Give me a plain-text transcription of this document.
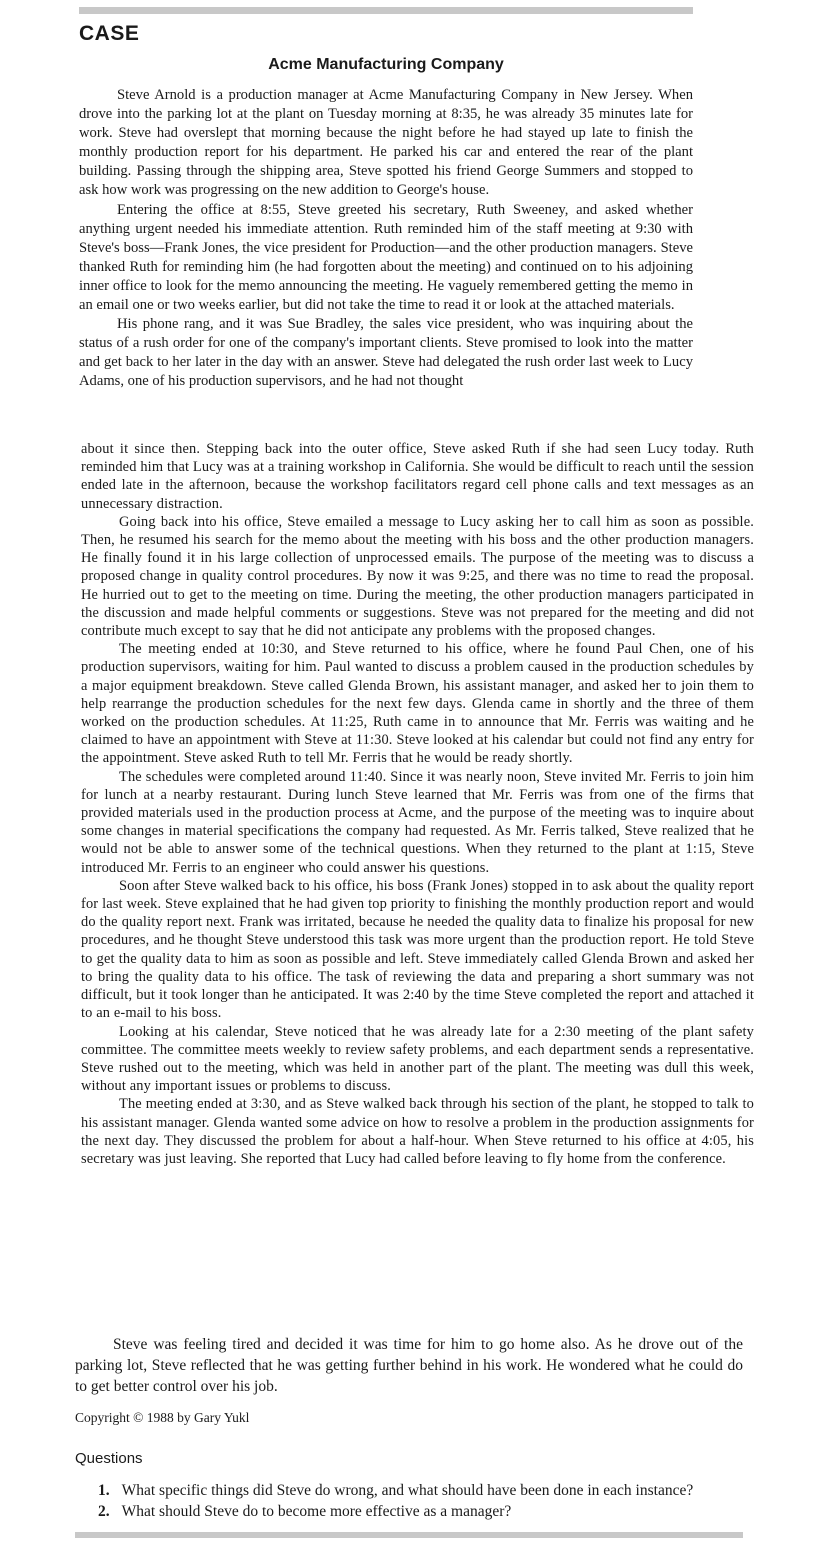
CASE
Acme Manufacturing Company

Steve Arnold is a production manager at Acme Manufacturing Company in New Jersey. When drove into the parking lot at the plant on Tuesday morning at 8:35, he was already 35 minutes late for work. Steve had overslept that morning because the night before he had stayed up late to finish the monthly production report for his department. He parked his car and entered the rear of the plant building. Passing through the shipping area, Steve spotted his friend George Summers and stopped to ask how work was progressing on the new addition to George's house.

Entering the office at 8:55, Steve greeted his secretary, Ruth Sweeney, and asked whether anything urgent needed his immediate attention. Ruth reminded him of the staff meeting at 9:30 with Steve's boss—Frank Jones, the vice president for Production—and the other production managers. Steve thanked Ruth for reminding him (he had forgotten about the meeting) and continued on to his adjoining inner office to look for the memo announcing the meeting. He vaguely remembered getting the memo in an email one or two weeks earlier, but did not take the time to read it or look at the attached materials.

His phone rang, and it was Sue Bradley, the sales vice president, who was inquiring about the status of a rush order for one of the company's important clients. Steve promised to look into the matter and get back to her later in the day with an answer. Steve had delegated the rush order last week to Lucy Adams, one of his production supervisors, and he had not thought

about it since then. Stepping back into the outer office, Steve asked Ruth if she had seen Lucy today. Ruth reminded him that Lucy was at a training workshop in California. She would be difficult to reach until the session ended late in the afternoon, because the workshop facilitators regard cell phone calls and text messages as an unnecessary distraction.

Going back into his office, Steve emailed a message to Lucy asking her to call him as soon as possible. Then, he resumed his search for the memo about the meeting with his boss and the other production managers. He finally found it in his large collection of unprocessed emails. The purpose of the meeting was to discuss a proposed change in quality control procedures. By now it was 9:25, and there was no time to read the proposal. He hurried out to get to the meeting on time. During the meeting, the other production managers participated in the discussion and made helpful comments or suggestions. Steve was not prepared for the meeting and did not contribute much except to say that he did not anticipate any problems with the proposed changes.

The meeting ended at 10:30, and Steve returned to his office, where he found Paul Chen, one of his production supervisors, waiting for him. Paul wanted to discuss a problem caused in the production schedules by a major equipment breakdown. Steve called Glenda Brown, his assistant manager, and asked her to join them to help rearrange the production schedules for the next few days. Glenda came in shortly and the three of them worked on the production schedules. At 11:25, Ruth came in to announce that Mr. Ferris was waiting and he claimed to have an appointment with Steve at 11:30. Steve looked at his calendar but could not find any entry for the appointment. Steve asked Ruth to tell Mr. Ferris that he would be ready shortly.

The schedules were completed around 11:40. Since it was nearly noon, Steve invited Mr. Ferris to join him for lunch at a nearby restaurant. During lunch Steve learned that Mr. Ferris was from one of the firms that provided materials used in the production process at Acme, and the purpose of the meeting was to inquire about some changes in material specifications the company had requested. As Mr. Ferris talked, Steve realized that he would not be able to answer some of the technical questions. When they returned to the plant at 1:15, Steve introduced Mr. Ferris to an engineer who could answer his questions.

Soon after Steve walked back to his office, his boss (Frank Jones) stopped in to ask about the quality report for last week. Steve explained that he had given top priority to finishing the monthly production report and would do the quality report next. Frank was irritated, because he needed the quality data to finalize his proposal for new procedures, and he thought Steve understood this task was more urgent than the production report. He told Steve to get the quality data to him as soon as possible and left. Steve immediately called Glenda Brown and asked her to bring the quality data to his office. The task of reviewing the data and preparing a short summary was not difficult, but it took longer than he anticipated. It was 2:40 by the time Steve completed the report and attached it to an e-mail to his boss.

Looking at his calendar, Steve noticed that he was already late for a 2:30 meeting of the plant safety committee. The committee meets weekly to review safety problems, and each department sends a representative. Steve rushed out to the meeting, which was held in another part of the plant. The meeting was dull this week, without any important issues or problems to discuss.

The meeting ended at 3:30, and as Steve walked back through his section of the plant, he stopped to talk to his assistant manager. Glenda wanted some advice on how to resolve a problem in the production assignments for the next day. They discussed the problem for about a half-hour. When Steve returned to his office at 4:05, his secretary was just leaving. She reported that Lucy had called before leaving to fly home from the conference.

Steve was feeling tired and decided it was time for him to go home also. As he drove out of the parking lot, Steve reflected that he was getting further behind in his work. He wondered what he could do to get better control over his job.

Copyright © 1988 by Gary Yukl
Questions
1. What specific things did Steve do wrong, and what should have been done in each instance?
2. What should Steve do to become more effective as a manager?
